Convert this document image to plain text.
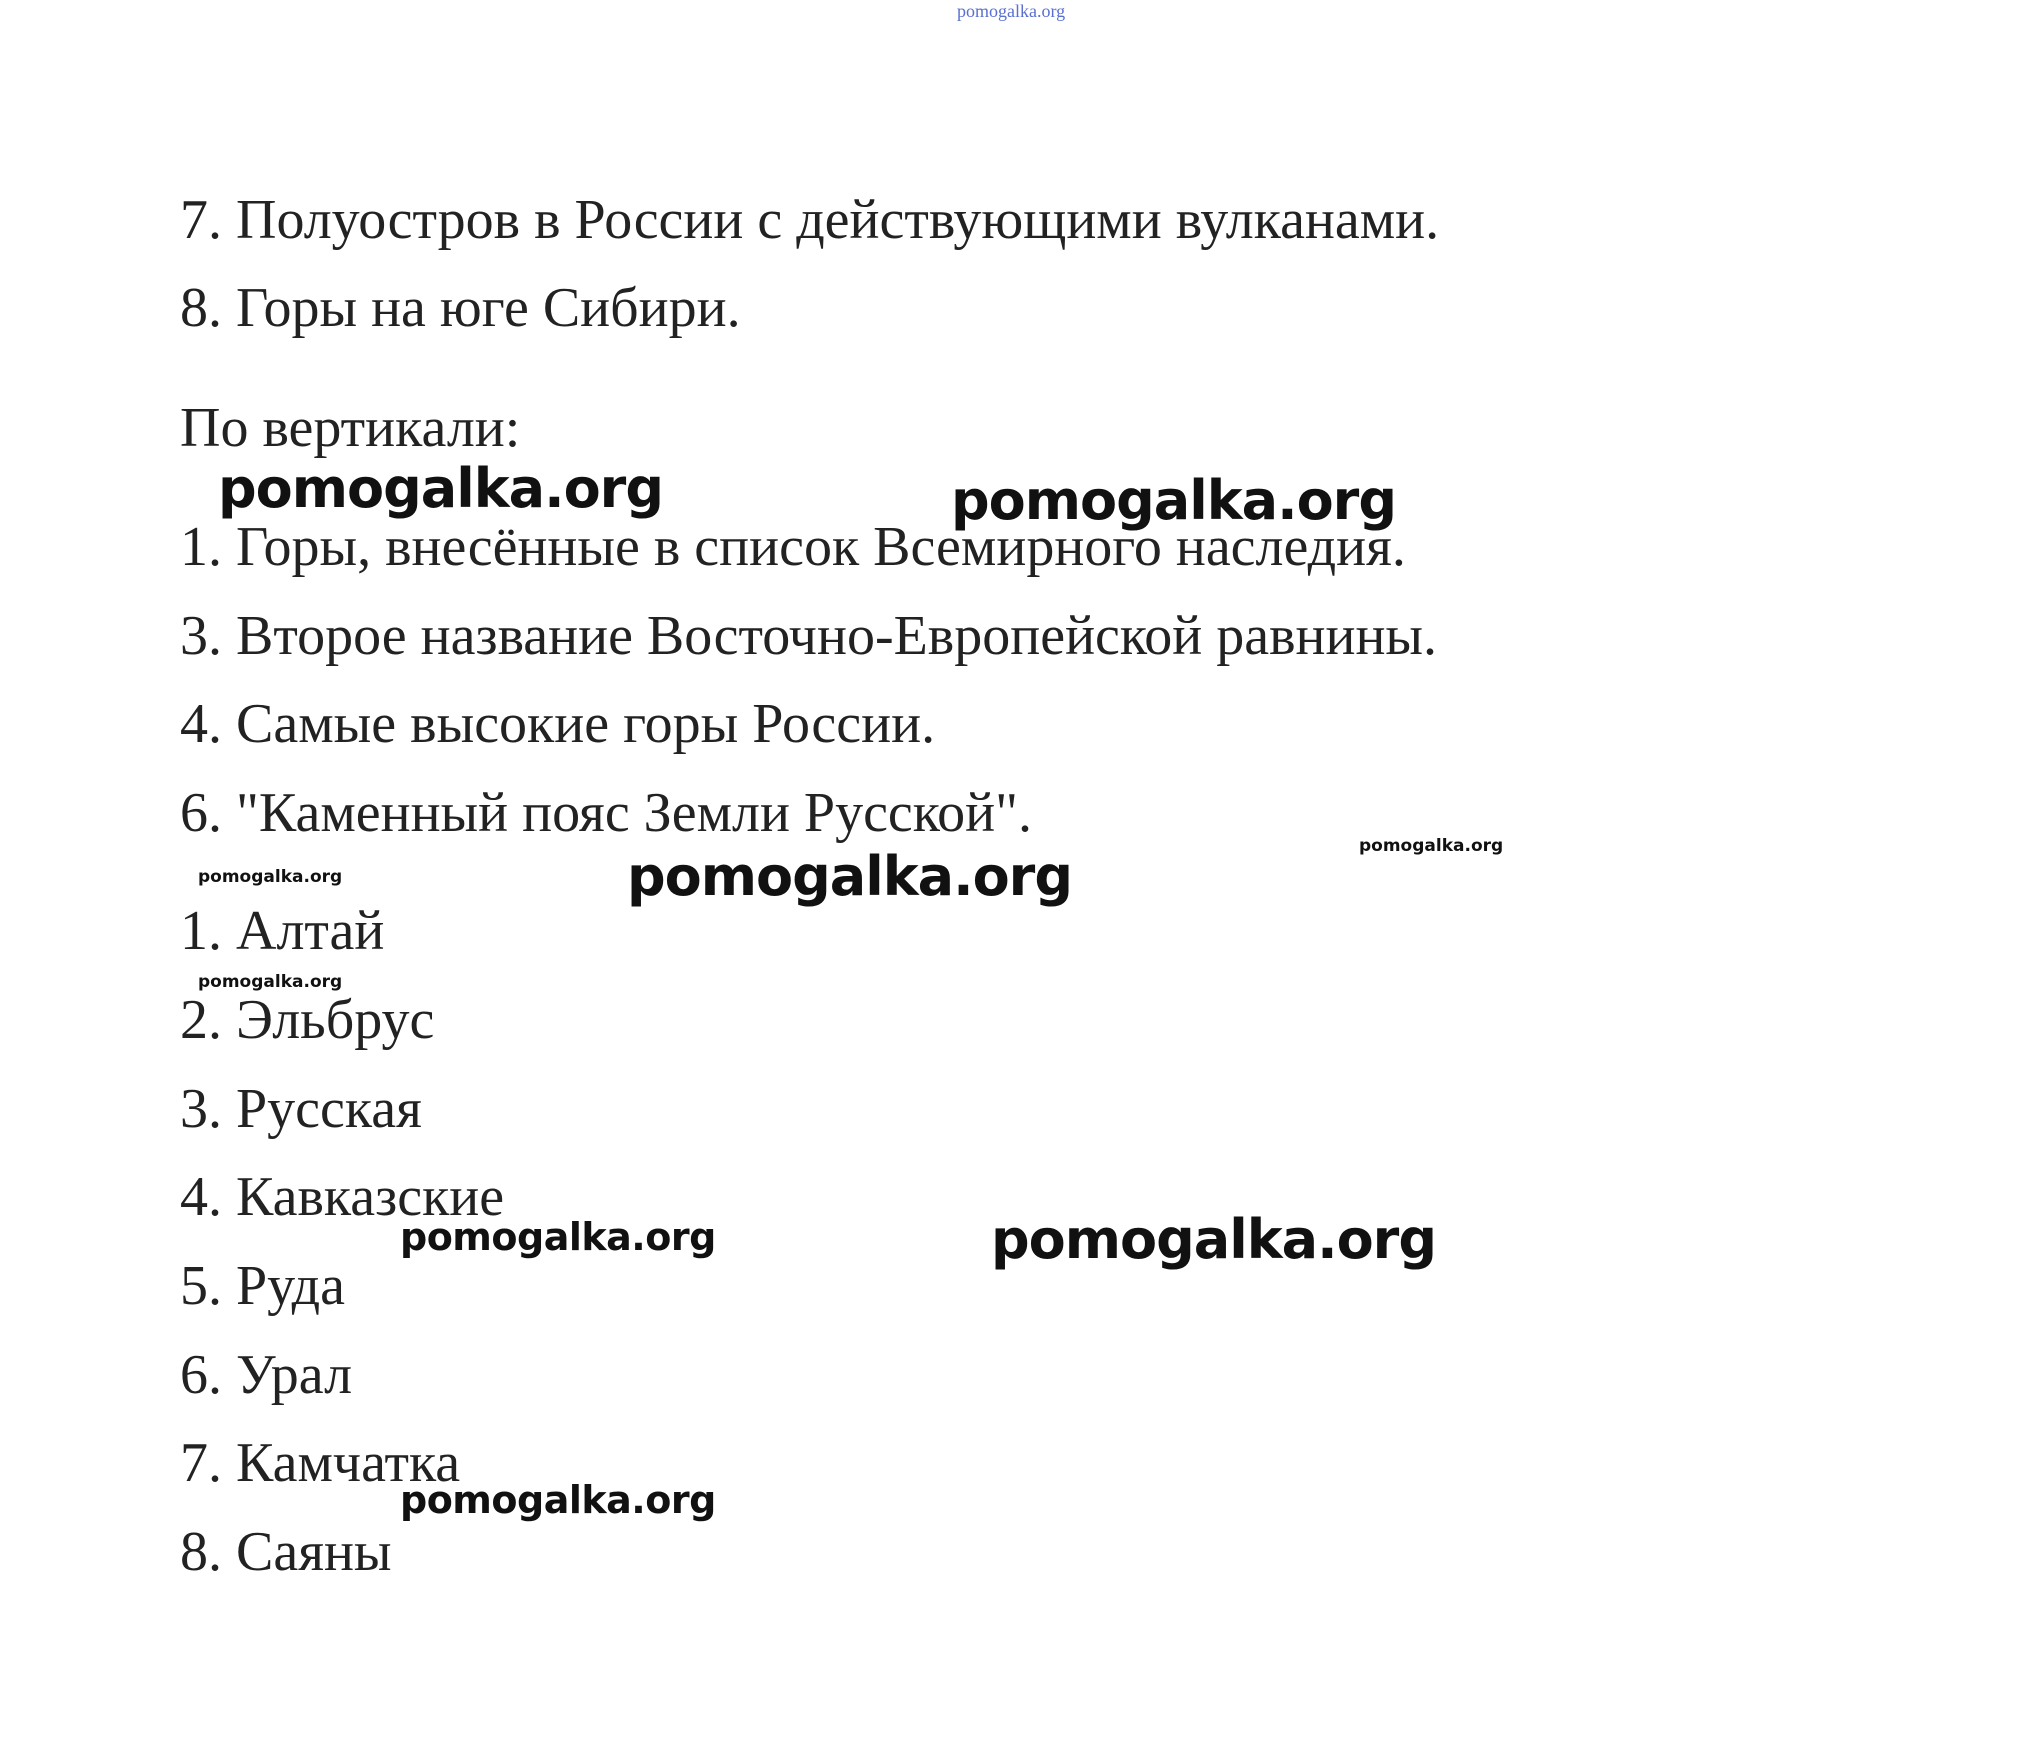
pomogalka.org
7. Полуостров в России с действующими вулканами.
8. Горы на юге Сибири.
По вертикали:
1. Горы, внесённые в список Всемирного наследия.
3. Второе название Восточно-Европейской равнины.
4. Самые высокие горы России.
6. "Каменный пояс Земли Русской".
1. Алтай
2. Эльбрус
3. Русская
4. Кавказские
5. Руда
6. Урал
7. Камчатка
8. Саяны
pomogalka.org	pomogalka.org
pomogalka.org
pomogalka.org	pomogalka.org
pomogalka.org
pomogalka.org	pomogalka.org
pomogalka.org
